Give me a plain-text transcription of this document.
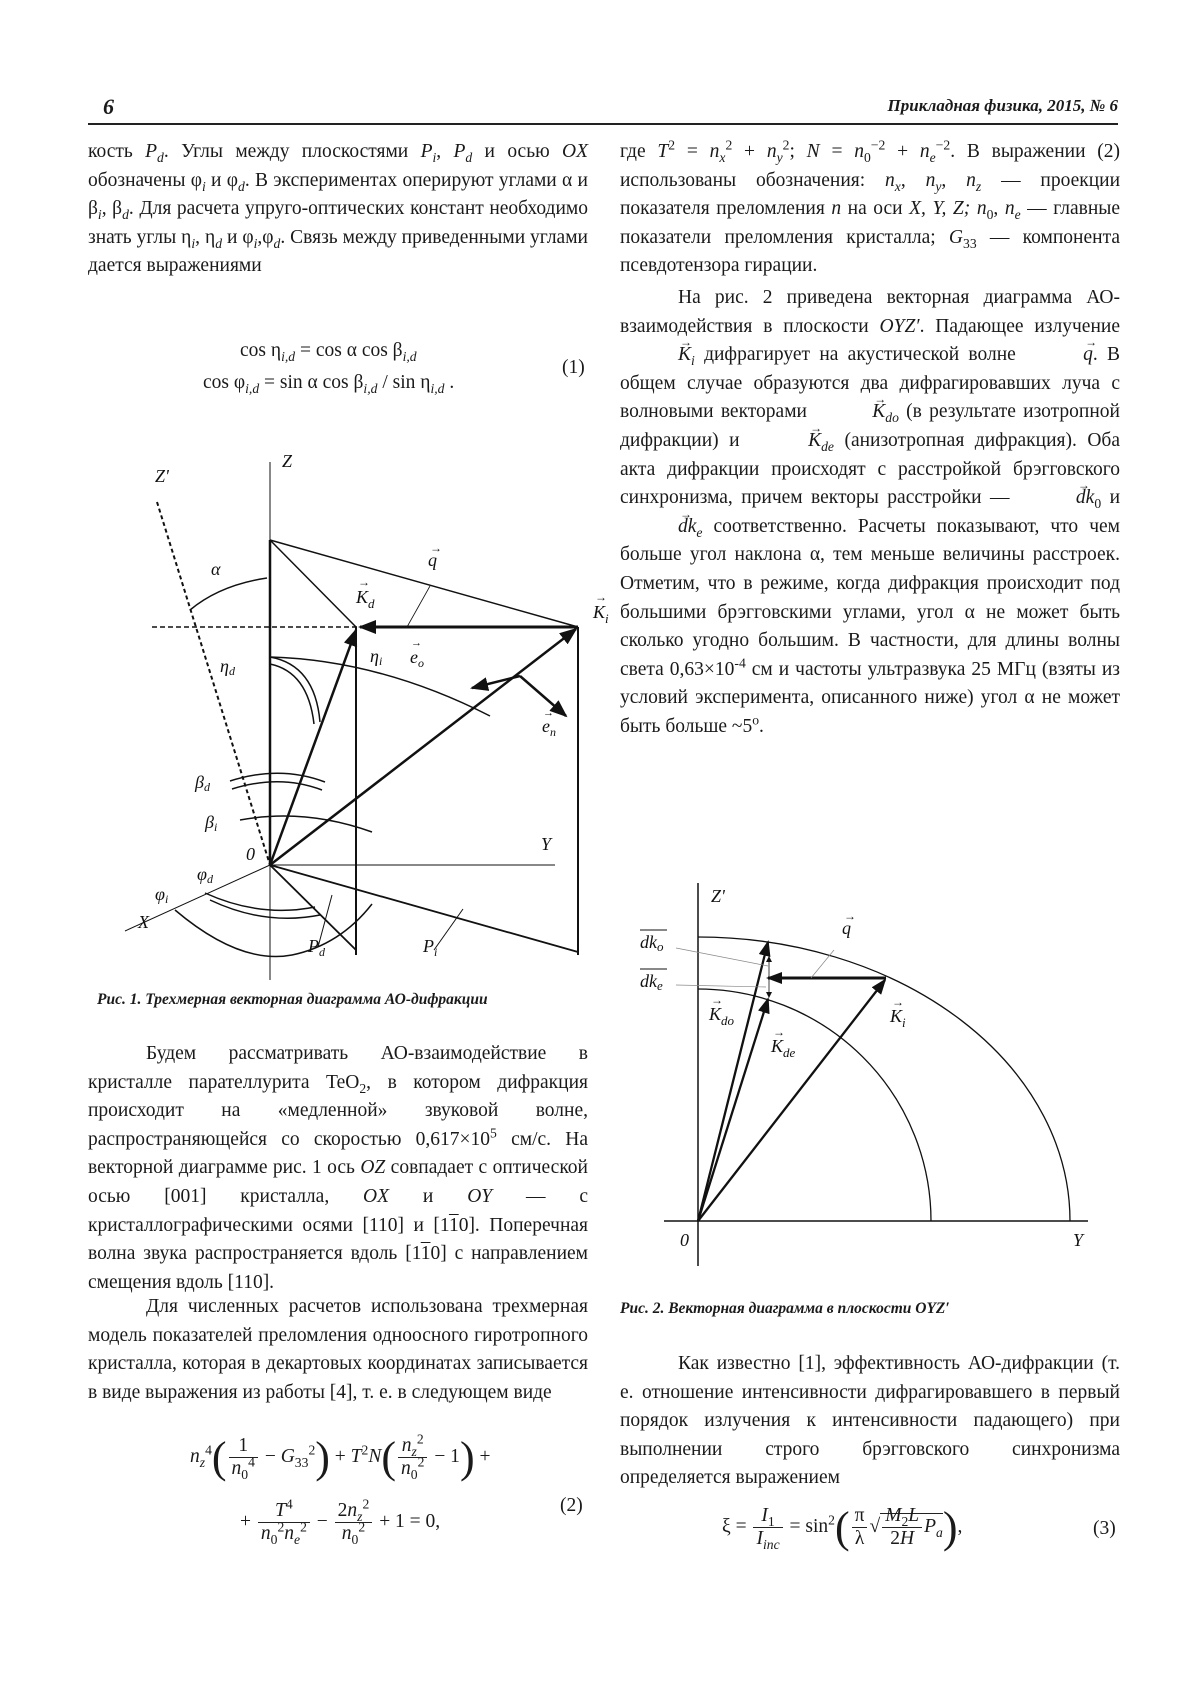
6	Прикладная физика, 2015, № 6

кость $P_d$. Углы между плоскостями $P_i$, $P_d$ и осью OX обозначены $\varphi_i$ и $\varphi_d$. В экспериментах оперируют углами α и $\beta_i$, $\beta_d$. Для расчета упруго-оптических констант необходимо знать углы $\eta_i$, $\eta_d$ и $\varphi_i,\varphi_d$. Связь между приведенными углами дается выражениями

$\cos \eta_{i,d} = \cos \alpha$ $\cos \beta_{i,d}$
$\cos \varphi_{i,d} = \sin \alpha$ $\cos \beta_{i,d}$ / $\sin \eta_{i,d}$ .
(1)
Z'
Z
α	q
→
$K_d$
→
$K_i$
→
ηd
ηi $e_o$
→
$e_n$
→
βd
βi
φd
φi
0	Y
X
$P_d$	$P_i$
Рис. 1. Трехмерная векторная диаграмма АО-дифракции

Будем рассматривать АО-взаимодействие в кристалле парателлурита TeO$_2$, в котором дифракция происходит на «медленной» звуковой волне, распространяющейся со скоростью $0,617\times 10^5$ см/с. На векторной диаграмме рис. 1 ось OZ совпадает с оптической осью [001] кристалла, OX и OY — с кристаллографическими осями [110] и [110]. Поперечная волна звука распространяется вдоль [110] с направлением смещения вдоль [110].

Для численных расчетов использована трехмерная модель показателей преломления одноосного гиротропного кристалла, которая в декартовых координатах записывается в виде выражения из работы [4], т. е. в следующем виде

$n_z^4( \frac{1}{n_0^4} - G_{33}^2) + T^2N( \frac{n_z^2}{n_0^2} - 1)$ +
+ $\frac{T^4}{n_0^2n_e^2} - \frac{2n_z^2}{n_0^2} + 1 = 0$,
(2)

где $T^2 = n_x^2 + n_y^2$; $N = n_0^{-2} + n_e^{-2}$. В выражении (2) использованы обозначения: $n_x$, $n_y$, $n_z$ — проекции показателя преломления n на оси X, Y, Z; $n_0$, $n_e$ — главные показатели преломления кристалла; $G_{33}$ — компонента псевдотензора гирации.

На рис. 2 приведена векторная диаграмма АО-взаимодействия в плоскости OYZ′. Падающее излучение → $K_i$ дифрагирует на акустической волне	→ q. В общем случае образуются два дифрагировавших луча с волновыми векторами	→ $K_{do}$ (в результате изотропной дифракции) и	→ $K_{de}$ (анизотропная дифракция). Оба акта дифракции происходят с расстройкой брэгговского синхронизма, причем векторы расстройки —	→ $dk_0$ $и \to dk_e$ соответственно. Расчеты показывают, что чем больше угол наклона α, тем меньше величины расстроек. Отметим, что в режиме, когда дифракция происходит под большими брэгговскими углами, угол α не может быть сколько угодно большим. В частности, для длины волны света $0,63\times 10^{-4}$ см и частоты ультразвука 25 МГц (взяты из условий эксперимента, описанного ниже) угол α не может быть больше ~5$^o$.

Z'
q
→
dko
dke
$K_{do}$
→
$K_{de}$
→
$K_i$
→
0	Y
Рис. 2. Векторная диаграмма в плоскости OYZ′

Как известно [1], эффективность АО-дифракции (т. е. отношение интенсивности дифрагировавшего в первый порядок излучения к интенсивности падающего) при выполнении строго брэгговского синхронизма определяется выражением

$\xi = \frac{I_1}{I_{inc}} = \sin^2( \frac{\pi}{\lambda}$ √ $\frac{M_2L}{2H} P_a$),	(3)
